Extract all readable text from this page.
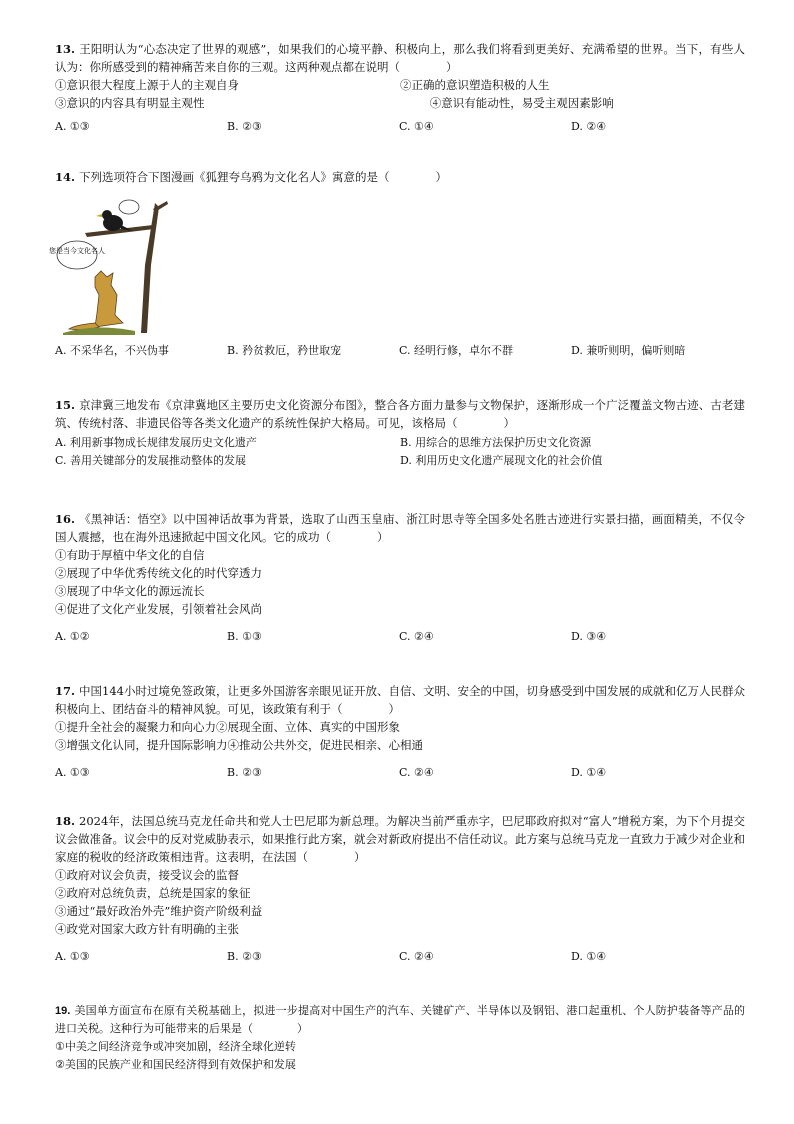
13. 王阳明认为“心态决定了世界的观感”，如果我们的心境平静、积极向上，那么我们将看到更美好、充满希望的世界。当下，有些人认为：你所感受到的精神痛苦来自你的三观。这两种观点都在说明（　　　　）

①意识很大程度上源于人的主观自身	②正确的意识塑造积极的人生
③意识的内容具有明显主观性	④意识有能动性，易受主观因素影响
A. ①③	B. ②③	C. ①④	D. ②④

14. 下列选项符合下图漫画《狐狸夸乌鸦为文化名人》寓意的是（　　　　）

您是当今文化名人
A. 不采华名，不兴伪事	B. 矜贫救厄，矜世取宠	C. 经明行修，卓尔不群	D. 兼听则明，偏听则暗

15. 京津冀三地发布《京津冀地区主要历史文化资源分布图》，整合各方面力量参与文物保护，逐渐形成一个广泛覆盖文物古迹、古老建筑、传统村落、非遗民俗等各类文化遗产的系统性保护大格局。可见，该格局（　　　　）

A. 利用新事物成长规律发展历史文化遗产	B. 用综合的思维方法保护历史文化资源
C. 善用关键部分的发展推动整体的发展	D. 利用历史文化遗产展现文化的社会价值

16. 《黑神话：悟空》以中国神话故事为背景，选取了山西玉皇庙、浙江时思寺等全国多处名胜古迹进行实景扫描，画面精美，不仅令国人震撼，也在海外迅速掀起中国文化风。它的成功（　　　　）

①有助于厚植中华文化的自信

②展现了中华优秀传统文化的时代穿透力

③展现了中华文化的源远流长

④促进了文化产业发展，引领着社会风尚

A. ①②	B. ①③	C. ②④	D. ③④

17. 中国144小时过境免签政策，让更多外国游客亲眼见证开放、自信、文明、安全的中国，切身感受到中国发展的成就和亿万人民群众积极向上、团结奋斗的精神风貌。可见，该政策有利于（　　　　）

①提升全社会的凝聚力和向心力 ②展现全面、立体、真实的中国形象
③增强文化认同，提升国际影响力 ④推动公共外交，促进民相亲、心相通
A. ①③	B. ②③	C. ②④	D. ①④

18. 2024年，法国总统马克龙任命共和党人士巴尼耶为新总理。为解决当前严重赤字，巴尼耶政府拟对“富人”增税方案，为下个月提交议会做准备。议会中的反对党威胁表示，如果推行此方案，就会对新政府提出不信任动议。此方案与总统马克龙一直致力于减少对企业和家庭的税收的经济政策相违背。这表明，在法国（　　　　）

①政府对议会负责，接受议会的监督

②政府对总统负责，总统是国家的象征

③通过“最好政治外壳”维护资产阶级利益

④政党对国家大政方针有明确的主张

A. ①③	B. ②③	C. ②④	D. ①④

19. 美国单方面宣布在原有关税基础上，拟进一步提高对中国生产的汽车、关键矿产、半导体以及钢铝、港口起重机、个人防护装备等产品的进口关税。这种行为可能带来的后果是（　　　　）

①中美之间经济竞争或冲突加剧，经济全球化逆转

②美国的民族产业和国民经济得到有效保护和发展
